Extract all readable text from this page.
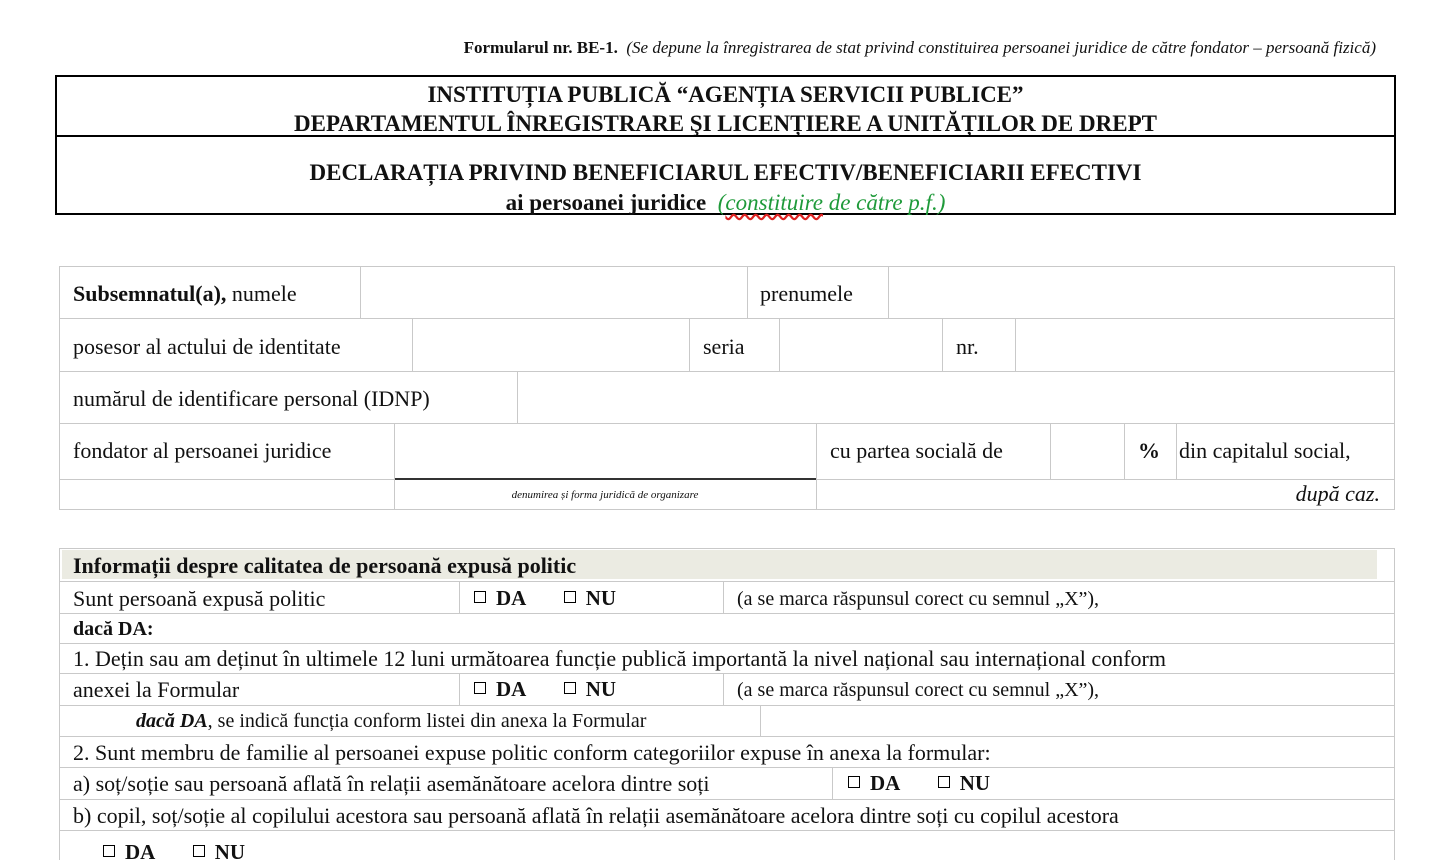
Formularul nr. BE-1. (Se depune la înregistrarea de stat privind constituirea persoanei juridice de către fondator – persoană fizică)
INSTITUȚIA PUBLICĂ “AGENȚIA SERVICII PUBLICE”
DEPARTAMENTUL ÎNREGISTRARE ŞI LICENȚIERE A UNITĂȚILOR DE DREPT
DECLARAȚIA PRIVIND BENEFICIARUL EFECTIV/BENEFICIARII EFECTIVI
ai persoanei juridice (constituire de către p.f.)
Subsemnatul(a), numele	prenumele
posesor al actului de identitate	seria	nr.
numărul de identificare personal (IDNP)
fondator al persoanei juridice	cu partea socială de	% din capitalul social,
denumirea și forma juridică de organizare	după caz.
Informații despre calitatea de persoană expusă politic
Sunt persoană expusă politic	DA	NU	(a se marca răspunsul corect cu semnul „X”),
dacă DA:
1. Dețin sau am deținut în ultimele 12 luni următoarea funcție publică importantă la nivel național sau internațional conform
anexei la Formular	DA	NU	(a se marca răspunsul corect cu semnul „X”),
dacă DA, se indică funcția conform listei din anexa la Formular
2. Sunt membru de familie al persoanei expuse politic conform categoriilor expuse în anexa la formular:
a) soț/soție sau persoană aflată în relații asemănătoare acelora dintre soți	DA	NU
b) copil, soț/soție al copilului acestora sau persoană aflată în relații asemănătoare acelora dintre soți cu copilul acestora
DA	NU
